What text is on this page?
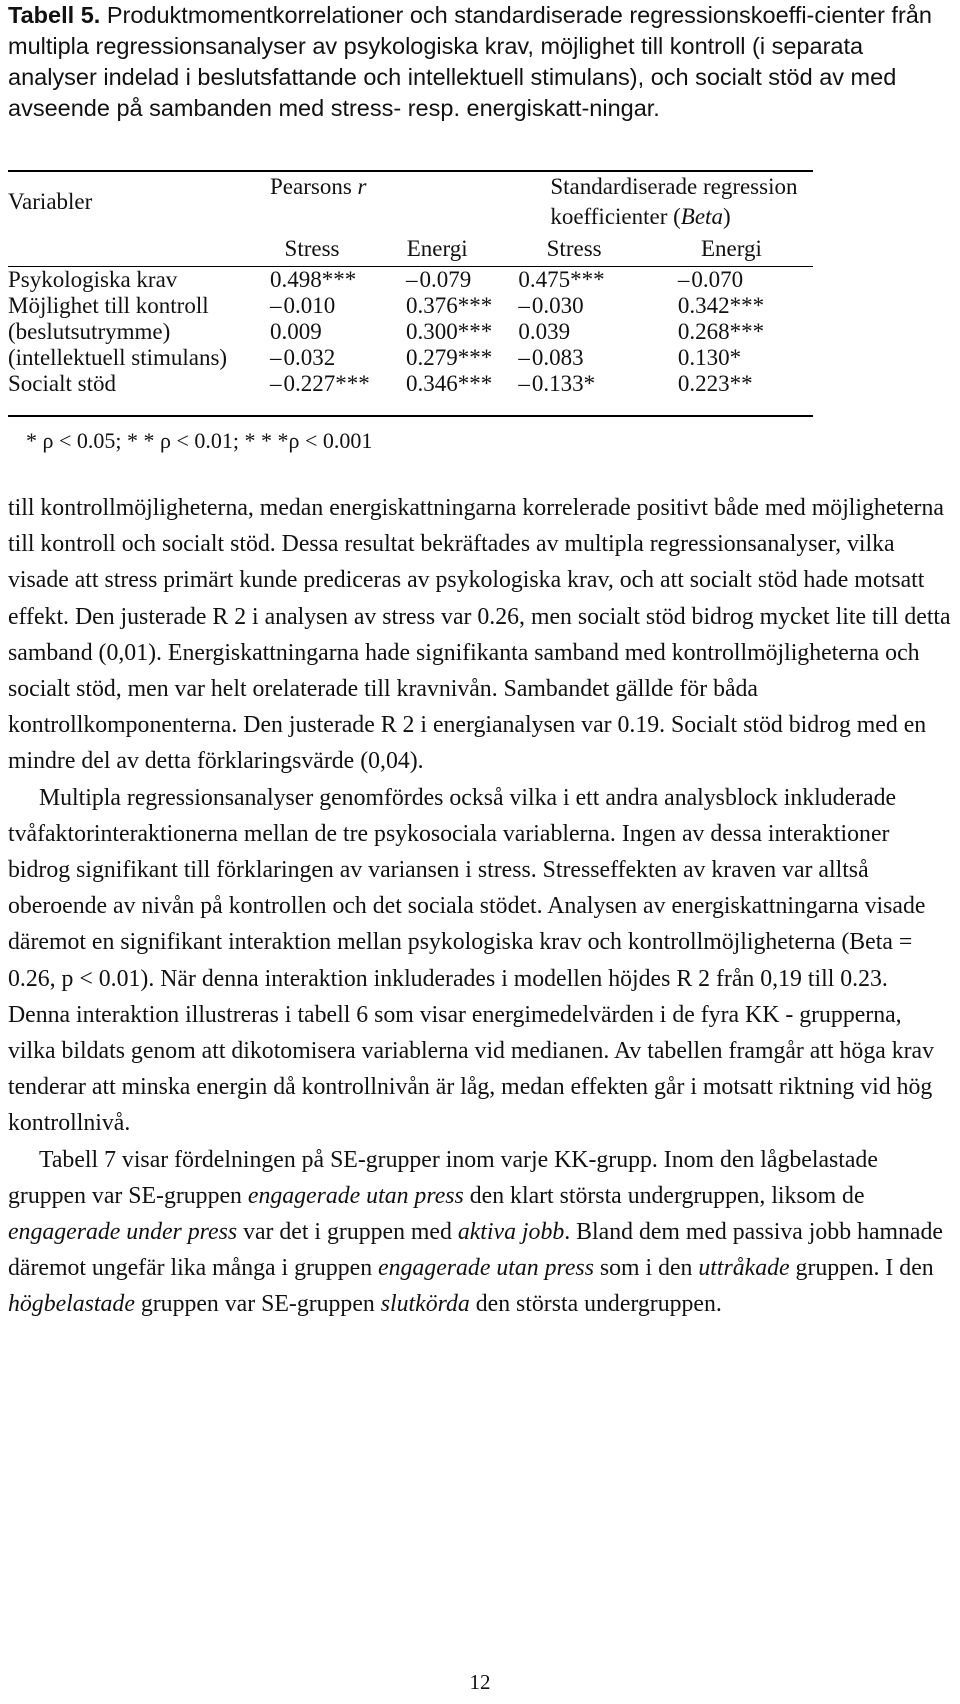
Tabell 5. Produktmomentkorrelationer och standardiserade regressionskoeffi-cienter från multipla regressionsanalyser av psykologiska krav, möjlighet till kontroll (i separata analyser indelad i beslutsfattande och intellektuell stimulans), och socialt stöd av med avseende på sambanden med stress- resp. energiskatt-ningar.

Variabler	Pearsons r		Standardiserade regression	
			koefficienter (Beta)	
	Stress	Energi	Stress	Energi
Psykologiska krav	0.498***	– 0.079	0.475***	– 0.070
Möjlighet till kontroll	– 0.010	0.376***	– 0.030	0.342***
(beslutsutrymme)	0.009	0.300***	0.039	0.268***
(intellektuell stimulans)	– 0.032	0.279***	– 0.083	0.130*
Socialt stöd	– 0.227***	0.346***	– 0.133*	0.223**
* ρ < 0.05; * * ρ < 0.01; * * *ρ < 0.001

till kontrollmöjligheterna, medan energiskattningarna korrelerade positivt både med möjligheterna till kontroll och socialt stöd. Dessa resultat bekräftades av multipla regressionsanalyser, vilka visade att stress primärt kunde prediceras av psykologiska krav, och att socialt stöd hade motsatt effekt. Den justerade R 2 i analysen av stress var 0.26, men socialt stöd bidrog mycket lite till detta samband (0,01). Energiskattningarna hade signifikanta samband med kontrollmöjligheterna och socialt stöd, men var helt orelaterade till kravnivån. Sambandet gällde för båda kontrollkomponenterna. Den justerade R 2 i energianalysen var 0.19. Socialt stöd bidrog med en mindre del av detta förklaringsvärde (0,04).

Multipla regressionsanalyser genomfördes också vilka i ett andra analysblock inkluderade tvåfaktorinteraktionerna mellan de tre psykosociala variablerna. Ingen av dessa interaktioner bidrog signifikant till förklaringen av variansen i stress. Stresseffekten av kraven var alltså oberoende av nivån på kontrollen och det sociala stödet. Analysen av energiskattningarna visade däremot en signifikant interaktion mellan psykologiska krav och kontrollmöjligheterna (Beta = 0.26, p < 0.01). När denna interaktion inkluderades i modellen höjdes R 2 från 0,19 till 0.23. Denna interaktion illustreras i tabell 6 som visar energimedelvärden i de fyra KK - grupperna, vilka bildats genom att dikotomisera variablerna vid medianen. Av tabellen framgår att höga krav tenderar att minska energin då kontrollnivån är låg, medan effekten går i motsatt riktning vid hög kontrollnivå.

Tabell 7 visar fördelningen på SE-grupper inom varje KK-grupp. Inom den lågbelastade gruppen var SE-gruppen engagerade utan press den klart största undergruppen, liksom de engagerade under press var det i gruppen med aktiva jobb. Bland dem med passiva jobb hamnade däremot ungefär lika många i gruppen engagerade utan press som i den uttråkade gruppen. I den högbelastade gruppen var SE-gruppen slutkörda den största undergruppen.

12
